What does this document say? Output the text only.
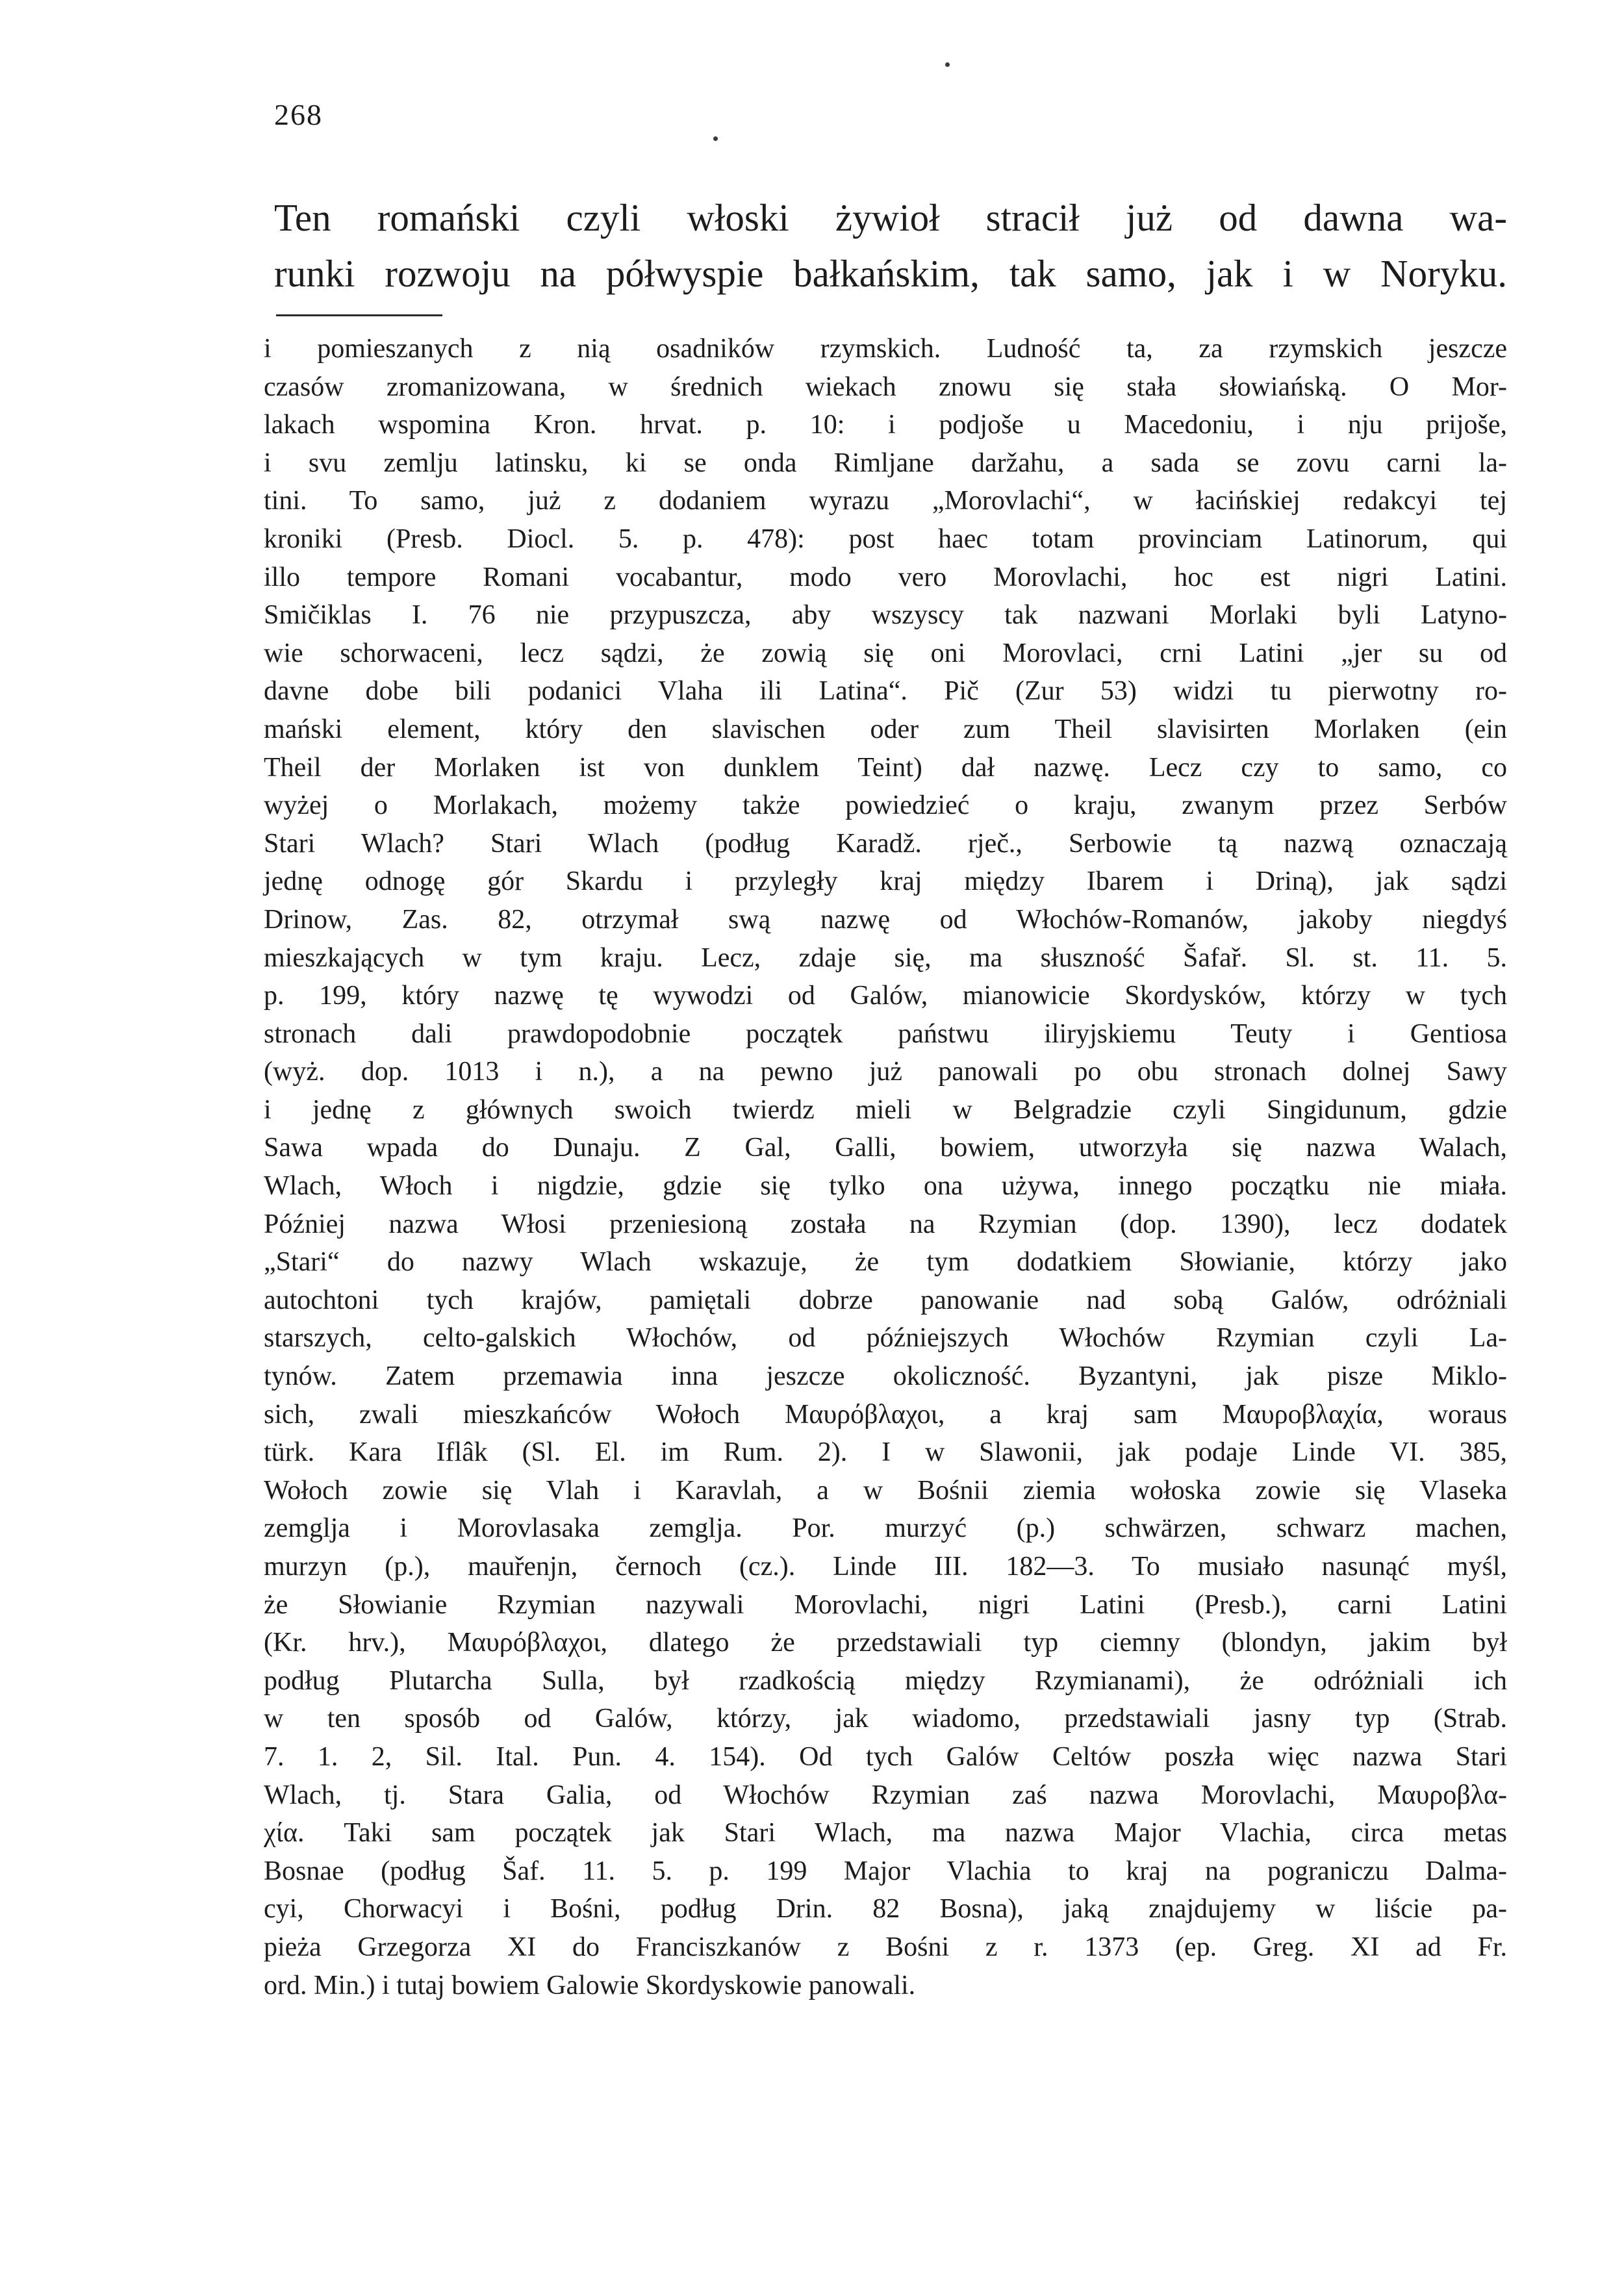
268
Ten romański czyli włoski żywioł stracił już od dawna wa-
runki rozwoju na półwyspie bałkańskim, tak samo, jak i w Noryku.
i pomieszanych z nią osadników rzymskich. Ludność ta, za rzymskich jeszcze
czasów zromanizowana, w średnich wiekach znowu się stała słowiańską. O Mor-
lakach wspomina Kron. hrvat. p. 10: i podjoše u Macedoniu, i nju prijoše,
i svu zemlju latinsku, ki se onda Rimljane daržahu, a sada se zovu carni la-
tini. To samo, już z dodaniem wyrazu „Morovlachi“, w łacińskiej redakcyi tej
kroniki (Presb. Diocl. 5. p. 478): post haec totam provinciam Latinorum, qui
illo tempore Romani vocabantur, modo vero Morovlachi, hoc est nigri Latini.
Smičiklas I. 76 nie przypuszcza, aby wszyscy tak nazwani Morlaki byli Latyno-
wie schorwaceni, lecz sądzi, że zowią się oni Morovlaci, crni Latini „jer su od
davne dobe bili podanici Vlaha ili Latina“. Pič (Zur 53) widzi tu pierwotny ro-
mański element, który den slavischen oder zum Theil slavisirten Morlaken (ein
Theil der Morlaken ist von dunklem Teint) dał nazwę. Lecz czy to samo, co
wyżej o Morlakach, możemy także powiedzieć o kraju, zwanym przez Serbów
Stari Wlach? Stari Wlach (podług Karadž. rječ., Serbowie tą nazwą oznaczają
jednę odnogę gór Skardu i przyległy kraj między Ibarem i Driną), jak sądzi
Drinow, Zas. 82, otrzymał swą nazwę od Włochów-Romanów, jakoby niegdyś
mieszkających w tym kraju. Lecz, zdaje się, ma słuszność Šafař. Sl. st. 11. 5.
p. 199, który nazwę tę wywodzi od Galów, mianowicie Skordysków, którzy w tych
stronach dali prawdopodobnie początek państwu iliryjskiemu Teuty i Gentiosa
(wyż. dop. 1013 i n.), a na pewno już panowali po obu stronach dolnej Sawy
i jednę z głównych swoich twierdz mieli w Belgradzie czyli Singidunum, gdzie
Sawa wpada do Dunaju. Z Gal, Galli, bowiem, utworzyła się nazwa Walach,
Wlach, Włoch i nigdzie, gdzie się tylko ona używa, innego początku nie miała.
Później nazwa Włosi przeniesioną została na Rzymian (dop. 1390), lecz dodatek
„Stari“ do nazwy Wlach wskazuje, że tym dodatkiem Słowianie, którzy jako
autochtoni tych krajów, pamiętali dobrze panowanie nad sobą Galów, odróżniali
starszych, celto-galskich Włochów, od późniejszych Włochów Rzymian czyli La-
tynów. Zatem przemawia inna jeszcze okoliczność. Byzantyni, jak pisze Miklo-
sich, zwali mieszkańców Wołoch Μαυρόβλαχοι, a kraj sam Μαυροβλαχία, woraus
türk. Kara Iflâk (Sl. El. im Rum. 2). I w Slawonii, jak podaje Linde VI. 385,
Wołoch zowie się Vlah i Karavlah, a w Bośnii ziemia wołoska zowie się Vlaseka
zemglja i Morovlasaka zemglja. Por. murzyć (p.) schwärzen, schwarz machen,
murzyn (p.), mauřenjn, černoch (cz.). Linde III. 182—3. To musiało nasunąć myśl,
że Słowianie Rzymian nazywali Morovlachi, nigri Latini (Presb.), carni Latini
(Kr. hrv.), Μαυρόβλαχοι, dlatego że przedstawiali typ ciemny (blondyn, jakim był
podług Plutarcha Sulla, był rzadkością między Rzymianami), że odróżniali ich
w ten sposób od Galów, którzy, jak wiadomo, przedstawiali jasny typ (Strab.
7. 1. 2, Sil. Ital. Pun. 4. 154). Od tych Galów Celtów poszła więc nazwa Stari
Wlach, tj. Stara Galia, od Włochów Rzymian zaś nazwa Morovlachi, Μαυροβλα-
χία. Taki sam początek jak Stari Wlach, ma nazwa Major Vlachia, circa metas
Bosnae (podług Šaf. 11. 5. p. 199 Major Vlachia to kraj na pograniczu Dalma-
cyi, Chorwacyi i Bośni, podług Drin. 82 Bosna), jaką znajdujemy w liście pa-
pieża Grzegorza XI do Franciszkanów z Bośni z r. 1373 (ep. Greg. XI ad Fr.
ord. Min.) i tutaj bowiem Galowie Skordyskowie panowali.
